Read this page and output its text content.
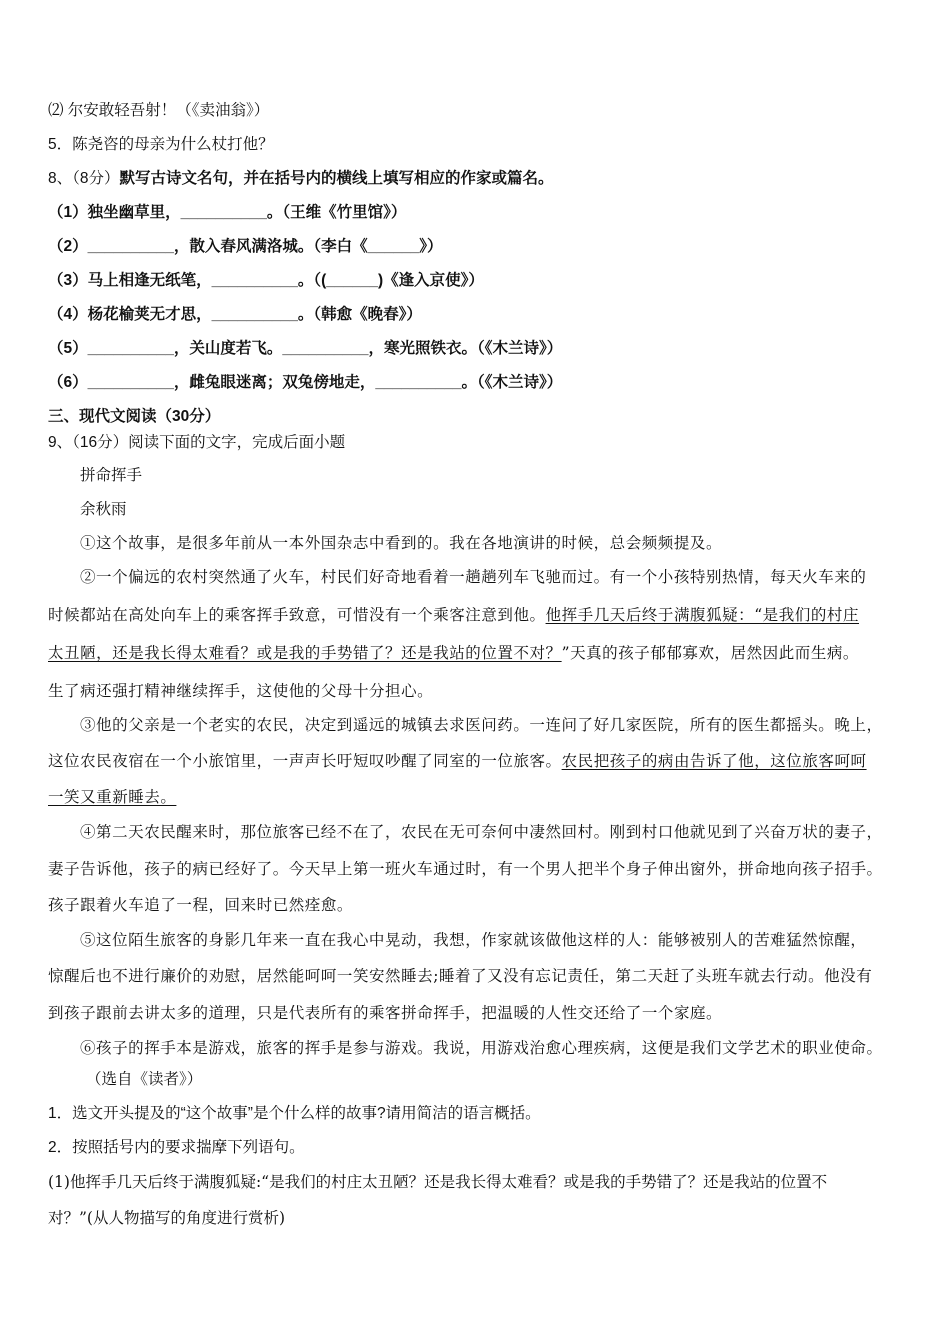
⑵ 尔安敢轻吾射！（《卖油翁》）
5．陈尧咨的母亲为什么杖打他？
8、（8分）默写古诗文名句，并在括号内的横线上填写相应的作家或篇名。
（1）独坐幽草里，__________。（王维《竹里馆》）
（2）__________，散入春风满洛城。（李白《______》）
（3）马上相逢无纸笔，__________。（(______)《逢入京使》）
（4）杨花榆荚无才思，__________。（韩愈《晚春》）
（5）__________，关山度若飞。__________，寒光照铁衣。（《木兰诗》）
（6）__________，雌兔眼迷离；双兔傍地走，__________。（《木兰诗》）
三、现代文阅读（30分）
9、（16分）阅读下面的文字，完成后面小题
拼命挥手
余秋雨
①这个故事，是很多年前从一本外国杂志中看到的。我在各地演讲的时候，总会频频提及。
②一个偏远的农村突然通了火车，村民们好奇地看着一趟趟列车飞驰而过。有一个小孩特别热情，每天火车来的
时候都站在高处向车上的乘客挥手致意，可惜没有一个乘客注意到他。他挥手几天后终于满腹狐疑：“是我们的村庄
太丑陋，还是我长得太难看？或是我的手势错了？还是我站的位置不对？”天真的孩子郁郁寡欢，居然因此而生病。
生了病还强打精神继续挥手，这使他的父母十分担心。
③他的父亲是一个老实的农民，决定到遥远的城镇去求医问药。一连问了好几家医院，所有的医生都摇头。晚上，
这位农民夜宿在一个小旅馆里，一声声长吁短叹吵醒了同室的一位旅客。农民把孩子的病由告诉了他，这位旅客呵呵
一笑又重新睡去。
④第二天农民醒来时，那位旅客已经不在了，农民在无可奈何中凄然回村。刚到村口他就见到了兴奋万状的妻子，
妻子告诉他，孩子的病已经好了。今天早上第一班火车通过时，有一个男人把半个身子伸出窗外，拼命地向孩子招手。
孩子跟着火车追了一程，回来时已然痊愈。
⑤这位陌生旅客的身影几年来一直在我心中晃动，我想，作家就该做他这样的人：能够被别人的苦难猛然惊醒，
惊醒后也不进行廉价的劝慰，居然能呵呵一笑安然睡去;睡着了又没有忘记责任，第二天赶了头班车就去行动。他没有
到孩子跟前去讲太多的道理，只是代表所有的乘客拼命挥手，把温暖的人性交还给了一个家庭。
⑥孩子的挥手本是游戏，旅客的挥手是参与游戏。我说，用游戏治愈心理疾病，这便是我们文学艺术的职业使命。
（选自《读者》）
1．选文开头提及的“这个故事”是个什么样的故事?请用简洁的语言概括。
2．按照括号内的要求揣摩下列语句。
(1)他挥手几天后终于满腹狐疑:“是我们的村庄太丑陋？还是我长得太难看？或是我的手势错了？还是我站的位置不
对？”(从人物描写的角度进行赏析)
